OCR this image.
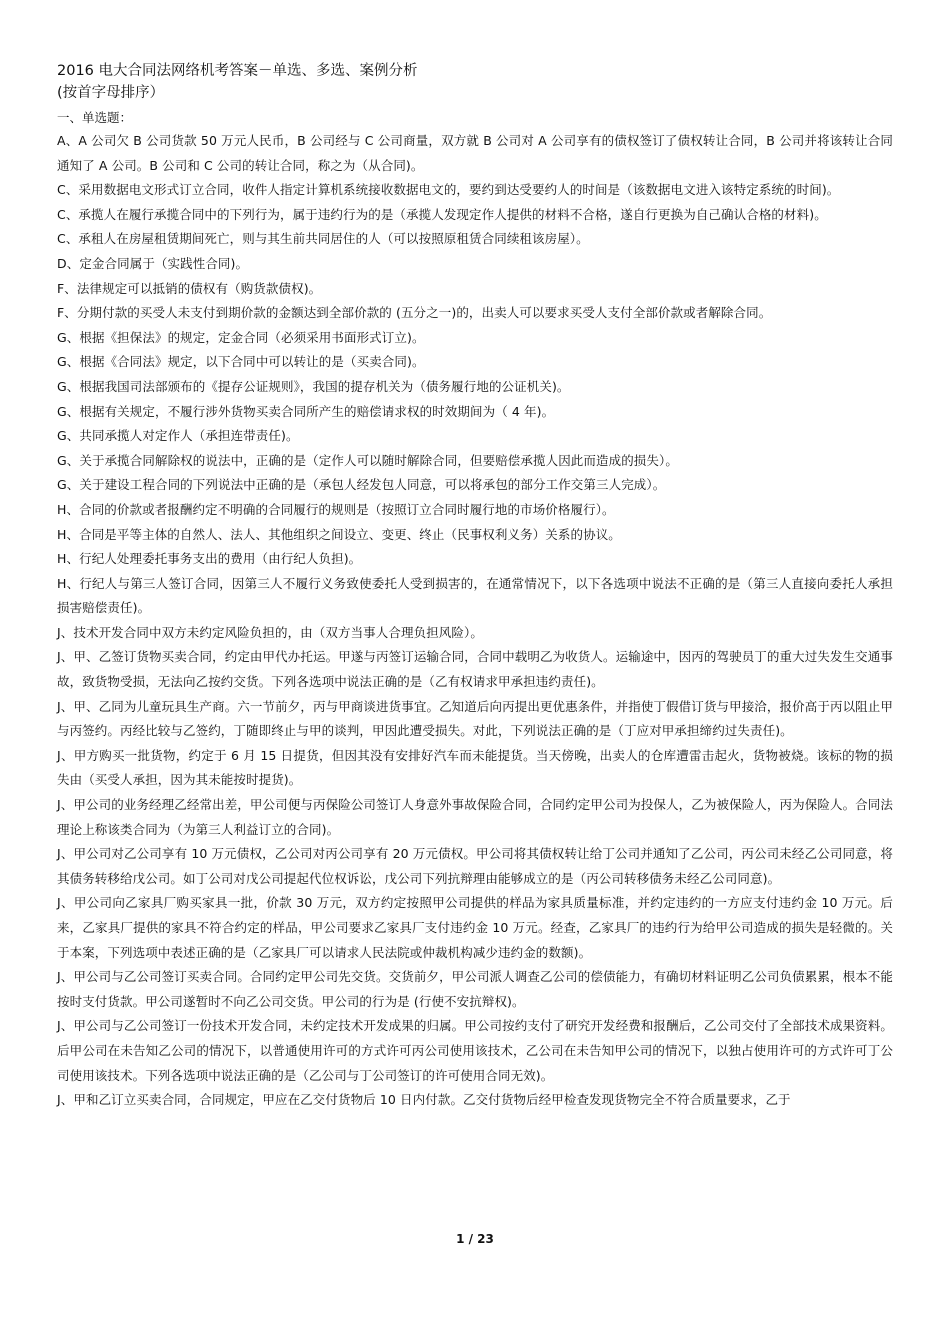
2016 电大合同法网络机考答案－单选、多选、案例分析

(按首字母排序）

一、单选题：

A、A 公司欠 B 公司货款 50 万元人民币，B 公司经与 C 公司商量，双方就 B 公司对 A 公司享有的债权签订了债权转让合同，B 公司并将该转让合同通知了 A 公司。B 公司和 C 公司的转让合同，称之为（从合同)。

C、采用数据电文形式订立合同，收件人指定计算机系统接收数据电文的，要约到达受要约人的时间是（该数据电文进入该特定系统的时间)。

C、承揽人在履行承揽合同中的下列行为，属于违约行为的是（承揽人发现定作人提供的材料不合格，遂自行更换为自己确认合格的材料)。

C、承租人在房屋租赁期间死亡，则与其生前共同居住的人（可以按照原租赁合同续租该房屋）。

D、定金合同属于（实践性合同)。

F、法律规定可以抵销的债权有（购货款债权)。

F、分期付款的买受人未支付到期价款的金额达到全部价款的 (五分之一)的，出卖人可以要求买受人支付全部价款或者解除合同。

G、根据《担保法》的规定，定金合同（必须采用书面形式订立)。

G、根据《合同法》规定，以下合同中可以转让的是（买卖合同)。

G、根据我国司法部颁布的《提存公证规则》，我国的提存机关为（债务履行地的公证机关)。

G、根据有关规定，不履行涉外货物买卖合同所产生的赔偿请求权的时效期间为（ 4 年)。

G、共同承揽人对定作人（承担连带责任)。

G、关于承揽合同解除权的说法中，正确的是（定作人可以随时解除合同，但要赔偿承揽人因此而造成的损失）。

G、关于建设工程合同的下列说法中正确的是（承包人经发包人同意，可以将承包的部分工作交第三人完成）。

H、合同的价款或者报酬约定不明确的合同履行的规则是（按照订立合同时履行地的市场价格履行）。

H、合同是平等主体的自然人、法人、其他组织之间设立、变更、终止（民事权利义务）关系的协议。

H、行纪人处理委托事务支出的费用（由行纪人负担)。

H、行纪人与第三人签订合同，因第三人不履行义务致使委托人受到损害的，在通常情况下，以下各选项中说法不正确的是（第三人直接向委托人承担损害赔偿责任)。

J、技术开发合同中双方未约定风险负担的，由（双方当事人合理负担风险）。

J、甲、乙签订货物买卖合同，约定由甲代办托运。甲遂与丙签订运输合同，合同中载明乙为收货人。运输途中，因丙的驾驶员丁的重大过失发生交通事故，致货物受损，无法向乙按约交货。下列各选项中说法正确的是（乙有权请求甲承担违约责任)。

J、甲、乙同为儿童玩具生产商。六一节前夕，丙与甲商谈进货事宜。乙知道后向丙提出更优惠条件，并指使丁假借订货与甲接洽，报价高于丙以阻止甲与丙签约。丙经比较与乙签约，丁随即终止与甲的谈判，甲因此遭受损失。对此，下列说法正确的是（丁应对甲承担缔约过失责任)。

J、甲方购买一批货物，约定于 6 月 15 日提货，但因其没有安排好汽车而未能提货。当天傍晚，出卖人的仓库遭雷击起火，货物被烧。该标的物的损失由（买受人承担，因为其未能按时提货)。

J、甲公司的业务经理乙经常出差，甲公司便与丙保险公司签订人身意外事故保险合同，合同约定甲公司为投保人，乙为被保险人，丙为保险人。合同法理论上称该类合同为（为第三人利益订立的合同)。

J、甲公司对乙公司享有 10 万元债权，乙公司对丙公司享有 20 万元债权。甲公司将其债权转让给丁公司并通知了乙公司，丙公司未经乙公司同意，将其债务转移给戊公司。如丁公司对戊公司提起代位权诉讼，戊公司下列抗辩理由能够成立的是（丙公司转移债务未经乙公司同意)。

J、甲公司向乙家具厂购买家具一批，价款 30 万元，双方约定按照甲公司提供的样品为家具质量标准，并约定违约的一方应支付违约金 10 万元。后来，乙家具厂提供的家具不符合约定的样品，甲公司要求乙家具厂支付违约金 10 万元。经查，乙家具厂的违约行为给甲公司造成的损失是轻微的。关于本案，下列选项中表述正确的是（乙家具厂可以请求人民法院或仲裁机构减少违约金的数额)。

J、甲公司与乙公司签订买卖合同。合同约定甲公司先交货。交货前夕，甲公司派人调查乙公司的偿债能力，有确切材料证明乙公司负债累累，根本不能按时支付货款。甲公司遂暂时不向乙公司交货。甲公司的行为是 (行使不安抗辩权)。

J、甲公司与乙公司签订一份技术开发合同，未约定技术开发成果的归属。甲公司按约支付了研究开发经费和报酬后，乙公司交付了全部技术成果资料。后甲公司在未告知乙公司的情况下，以普通使用许可的方式许可丙公司使用该技术，乙公司在未告知甲公司的情况下，以独占使用许可的方式许可丁公司使用该技术。下列各选项中说法正确的是（乙公司与丁公司签订的许可使用合同无效)。

J、甲和乙订立买卖合同，合同规定，甲应在乙交付货物后 10 日内付款。乙交付货物后经甲检查发现货物完全不符合质量要求，乙于

1 / 23
